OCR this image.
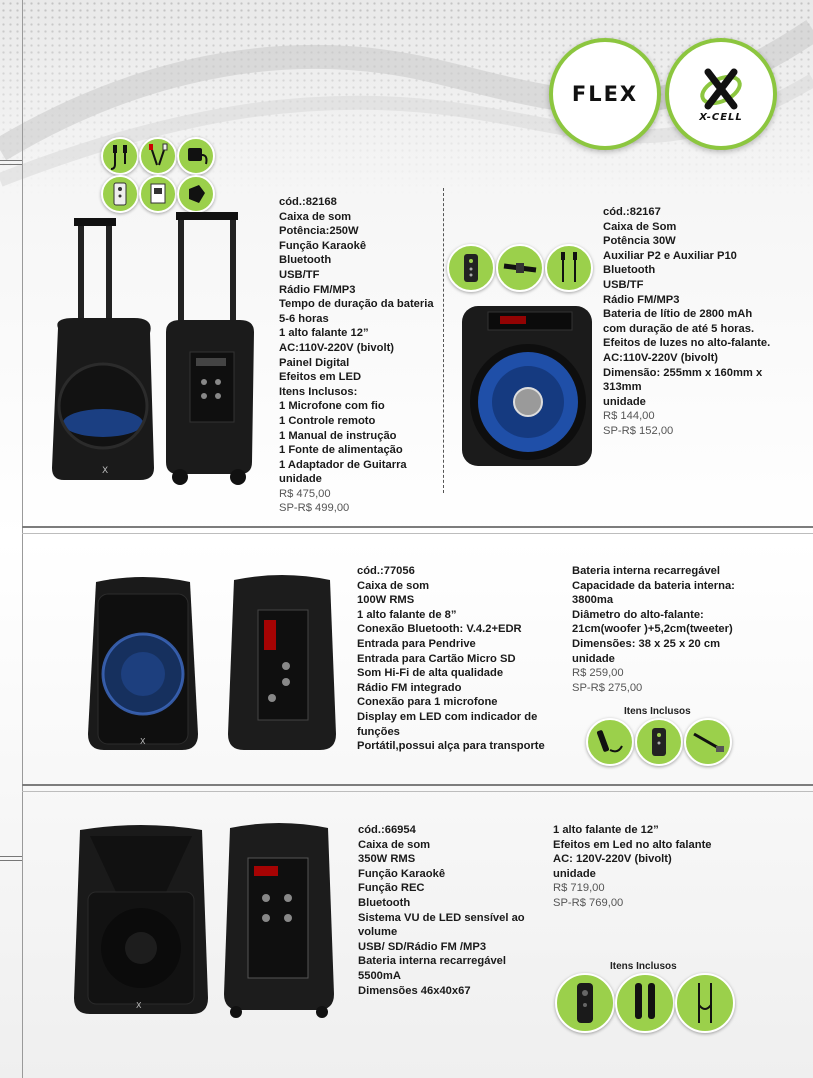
FLEX
X-CELL
X
cód.:82168
Caixa de som
Potência:250W
Função Karaokê
Bluetooth
USB/TF
Rádio FM/MP3
Tempo de duração da bateria
5-6 horas
1 alto falante 12”
AC:110V-220V (bivolt)
Painel Digital
Efeitos em LED
Itens Inclusos:
1 Microfone com fio
1 Controle remoto
1 Manual de instrução
1 Fonte de alimentação
1 Adaptador de Guitarra
unidade
R$ 475,00
SP-R$ 499,00
cód.:82167
Caixa de Som
Potência 30W
Auxiliar P2 e Auxiliar P10
Bluetooth
USB/TF
Rádio FM/MP3
Bateria de lítio de 2800 mAh
com duração de até 5 horas.
Efeitos de luzes no alto-falante.
AC:110V-220V (bivolt)
Dimensão: 255mm x 160mm x
313mm
unidade
R$ 144,00
SP-R$ 152,00
X
cód.:77056
Caixa de som
100W RMS
1 alto falante de 8”
Conexão Bluetooth: V.4.2+EDR
Entrada para Pendrive
Entrada para Cartão Micro SD
Som Hi-Fi de alta qualidade
Rádio FM integrado
Conexão para 1 microfone
Display em LED com indicador de
funções
Portátil,possui alça para transporte
Bateria interna recarregável
Capacidade da bateria interna:
3800ma
Diâmetro do alto-falante:
21cm(woofer )+5,2cm(tweeter)
Dimensões: 38 x 25 x 20 cm
unidade
R$ 259,00
SP-R$ 275,00
Itens Inclusos
X
cód.:66954
Caixa de som
350W RMS
Função Karaokê
Função REC
Bluetooth
Sistema VU de LED sensível ao
volume
USB/ SD/Rádio FM /MP3
Bateria interna recarregável
5500mA
Dimensões 46x40x67
1 alto falante de 12”
Efeitos em Led no alto falante
AC: 120V-220V (bivolt)
unidade
R$ 719,00
SP-R$ 769,00
Itens Inclusos
